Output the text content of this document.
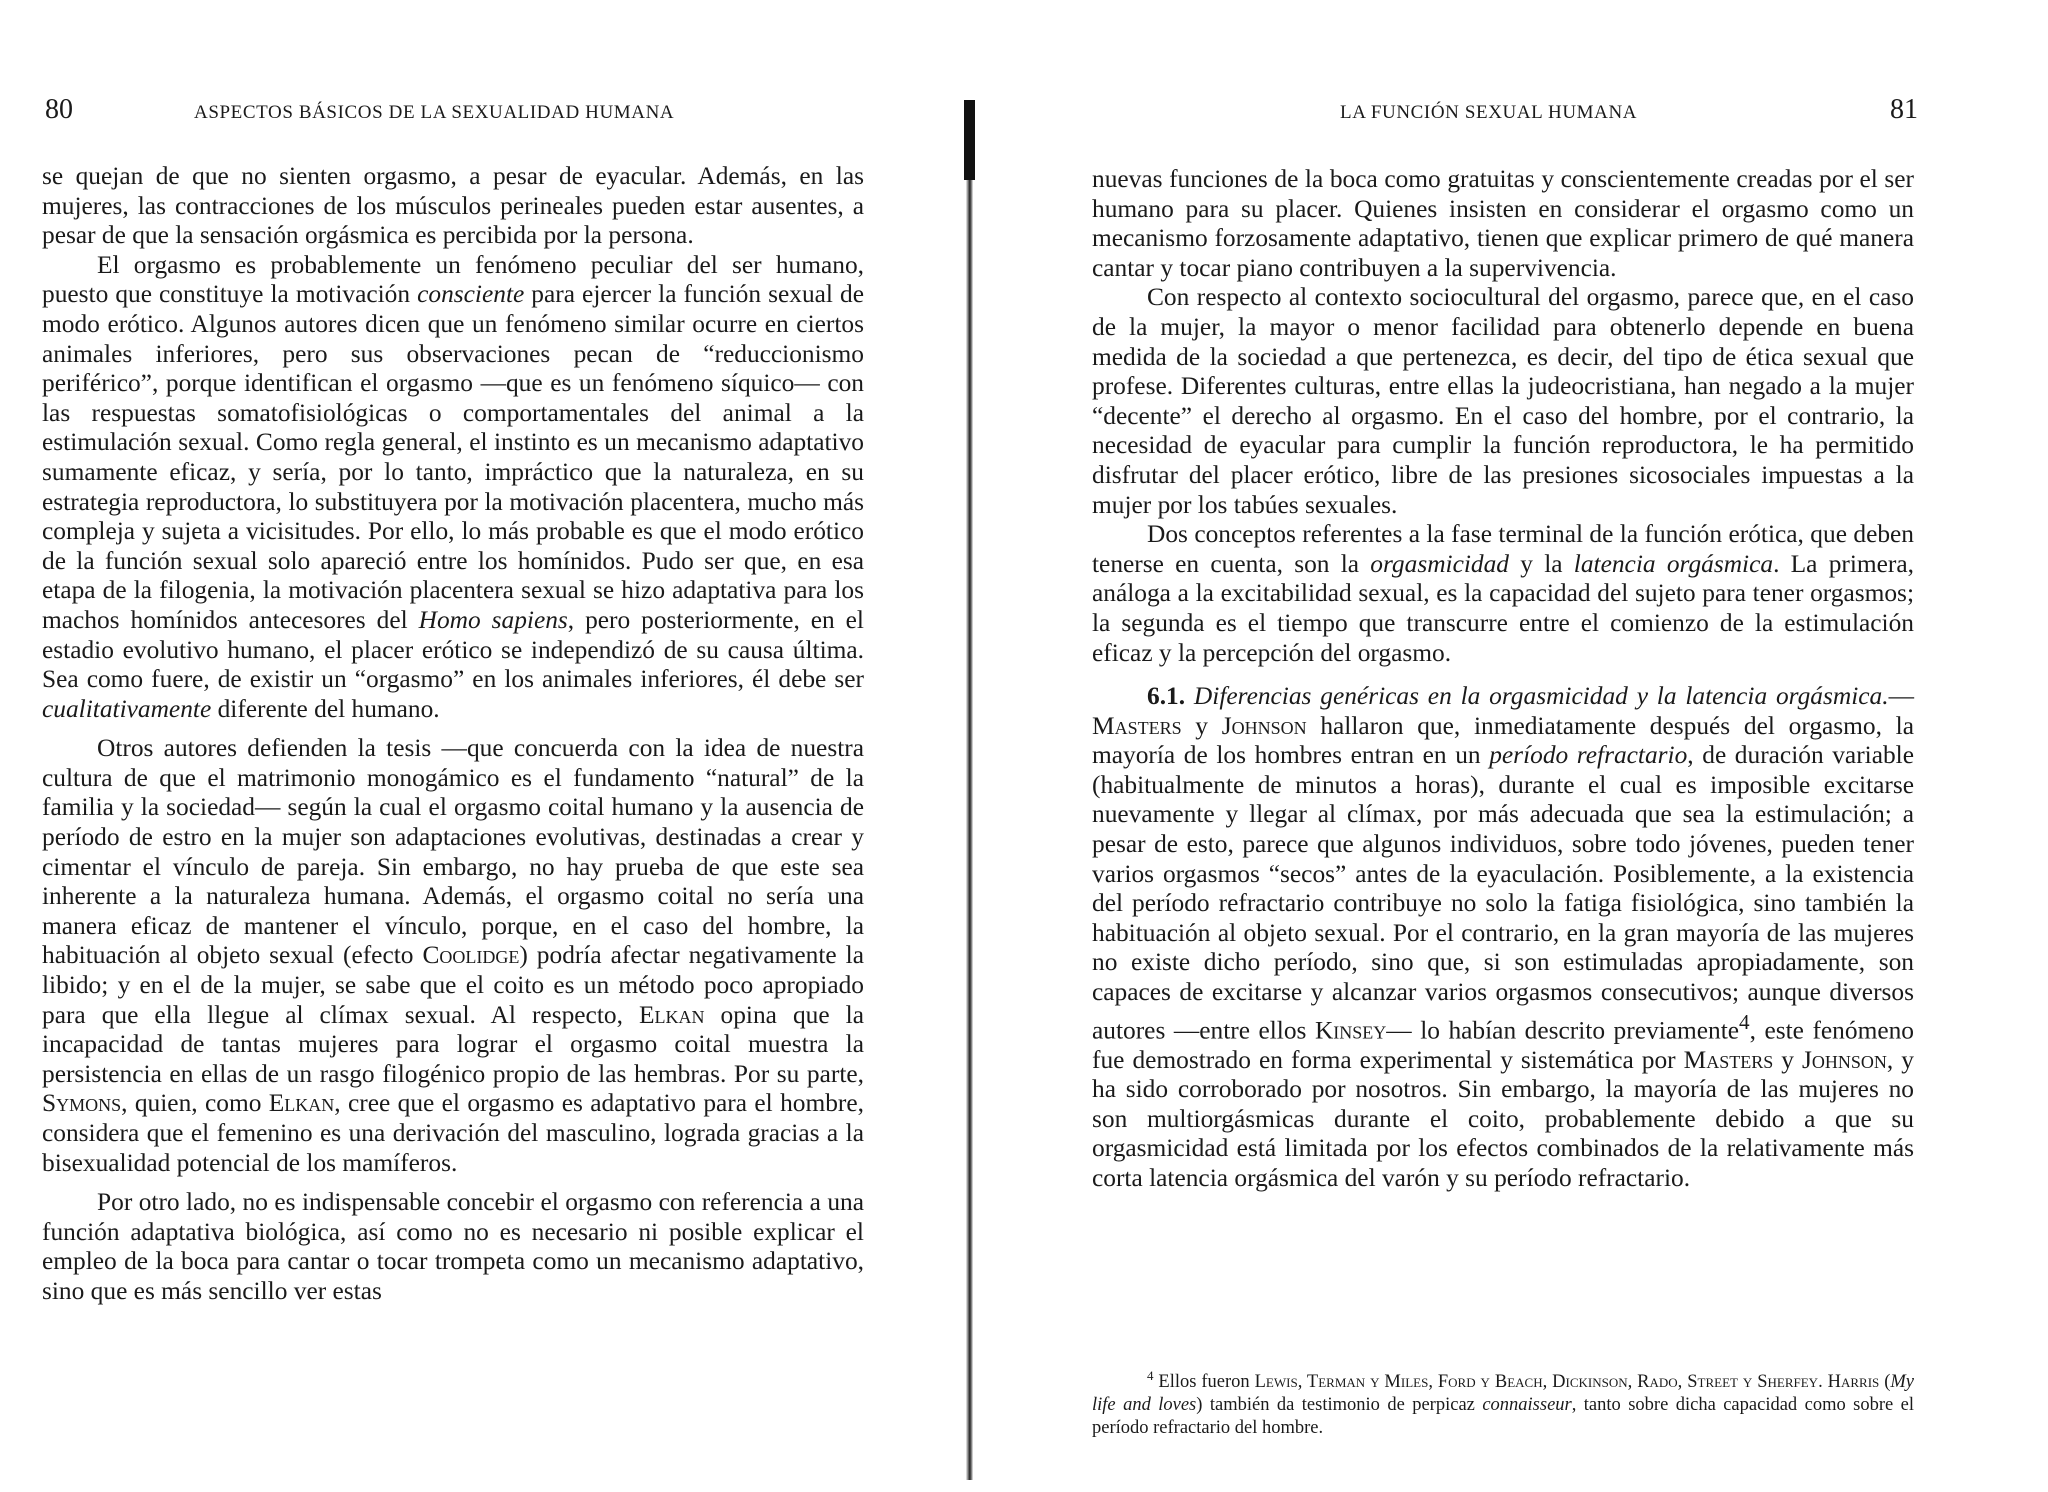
80	ASPECTOS BÁSICOS DE LA SEXUALIDAD HUMANA

se quejan de que no sienten orgasmo, a pesar de eyacular. Además, en las mujeres, las contracciones de los músculos perineales pueden estar ausentes, a pesar de que la sensación orgásmica es percibida por la persona.

El orgasmo es probablemente un fenómeno peculiar del ser humano, puesto que constituye la motivación consciente para ejercer la función sexual de modo erótico. Algunos autores dicen que un fenómeno similar ocurre en ciertos animales inferiores, pero sus observaciones pecan de “reduccionismo periférico”, porque identifican el orgasmo —que es un fenómeno síquico— con las respuestas somatofisiológicas o comportamentales del animal a la estimulación sexual. Como regla general, el instinto es un mecanismo adaptativo sumamente eficaz, y sería, por lo tanto, impráctico que la naturaleza, en su estrategia reproductora, lo substituyera por la motivación placentera, mucho más compleja y sujeta a vicisitudes. Por ello, lo más probable es que el modo erótico de la función sexual solo apareció entre los homínidos. Pudo ser que, en esa etapa de la filogenia, la motivación placentera sexual se hizo adaptativa para los machos homínidos antecesores del Homo sapiens, pero posteriormente, en el estadio evolutivo humano, el placer erótico se independizó de su causa última. Sea como fuere, de existir un “orgasmo” en los animales inferiores, él debe ser cualitativamente diferente del humano.

Otros autores defienden la tesis —que concuerda con la idea de nuestra cultura de que el matrimonio monogámico es el fundamento “natural” de la familia y la sociedad— según la cual el orgasmo coital humano y la ausencia de período de estro en la mujer son adaptaciones evolutivas, destinadas a crear y cimentar el vínculo de pareja. Sin embargo, no hay prueba de que este sea inherente a la naturaleza humana. Además, el orgasmo coital no sería una manera eficaz de mantener el vínculo, porque, en el caso del hombre, la habituación al objeto sexual (efecto Coolidge) podría afectar negativamente la libido; y en el de la mujer, se sabe que el coito es un método poco apropiado para que ella llegue al clímax sexual. Al respecto, Elkan opina que la incapacidad de tantas mujeres para lograr el orgasmo coital muestra la persistencia en ellas de un rasgo filogénico propio de las hembras. Por su parte, Symons, quien, como Elkan, cree que el orgasmo es adaptativo para el hombre, considera que el femenino es una derivación del masculino, lograda gracias a la bisexualidad potencial de los mamíferos.

Por otro lado, no es indispensable concebir el orgasmo con referencia a una función adaptativa biológica, así como no es necesario ni posible explicar el empleo de la boca para cantar o tocar trompeta como un mecanismo adaptativo, sino que es más sencillo ver estas

LA FUNCIÓN SEXUAL HUMANA	81

nuevas funciones de la boca como gratuitas y conscientemente creadas por el ser humano para su placer. Quienes insisten en considerar el orgasmo como un mecanismo forzosamente adaptativo, tienen que explicar primero de qué manera cantar y tocar piano contribuyen a la supervivencia.

Con respecto al contexto sociocultural del orgasmo, parece que, en el caso de la mujer, la mayor o menor facilidad para obtenerlo depende en buena medida de la sociedad a que pertenezca, es decir, del tipo de ética sexual que profese. Diferentes culturas, entre ellas la judeocristiana, han negado a la mujer “decente” el derecho al orgasmo. En el caso del hombre, por el contrario, la necesidad de eyacular para cumplir la función reproductora, le ha permitido disfrutar del placer erótico, libre de las presiones sicosociales impuestas a la mujer por los tabúes sexuales.

Dos conceptos referentes a la fase terminal de la función erótica, que deben tenerse en cuenta, son la orgasmicidad y la latencia orgásmica. La primera, análoga a la excitabilidad sexual, es la capacidad del sujeto para tener orgasmos; la segunda es el tiempo que transcurre entre el comienzo de la estimulación eficaz y la percepción del orgasmo.

6.1. Diferencias genéricas en la orgasmicidad y la latencia orgásmica.—Masters y Johnson hallaron que, inmediatamente después del orgasmo, la mayoría de los hombres entran en un período refractario, de duración variable (habitualmente de minutos a horas), durante el cual es imposible excitarse nuevamente y llegar al clímax, por más adecuada que sea la estimulación; a pesar de esto, parece que algunos individuos, sobre todo jóvenes, pueden tener varios orgasmos “secos” antes de la eyaculación. Posiblemente, a la existencia del período refractario contribuye no solo la fatiga fisiológica, sino también la habituación al objeto sexual. Por el contrario, en la gran mayoría de las mujeres no existe dicho período, sino que, si son estimuladas apropiadamente, son capaces de excitarse y alcanzar varios orgasmos consecutivos; aunque diversos autores —entre ellos Kinsey— lo habían descrito previamente$^4$, este fenómeno fue demostrado en forma experimental y sistemática por Masters y Johnson, y ha sido corroborado por nosotros. Sin embargo, la mayoría de las mujeres no son multiorgásmicas durante el coito, probablemente debido a que su orgasmicidad está limitada por los efectos combinados de la relativamente más corta latencia orgásmica del varón y su período refractario.

$^4$ Ellos fueron Lewis, Terman y Miles, Ford y Beach, Dickinson, Rado, Street y Sherfey. Harris (My life and loves) también da testimonio de perpicaz connaisseur, tanto sobre dicha capacidad como sobre el período refractario del hombre.
